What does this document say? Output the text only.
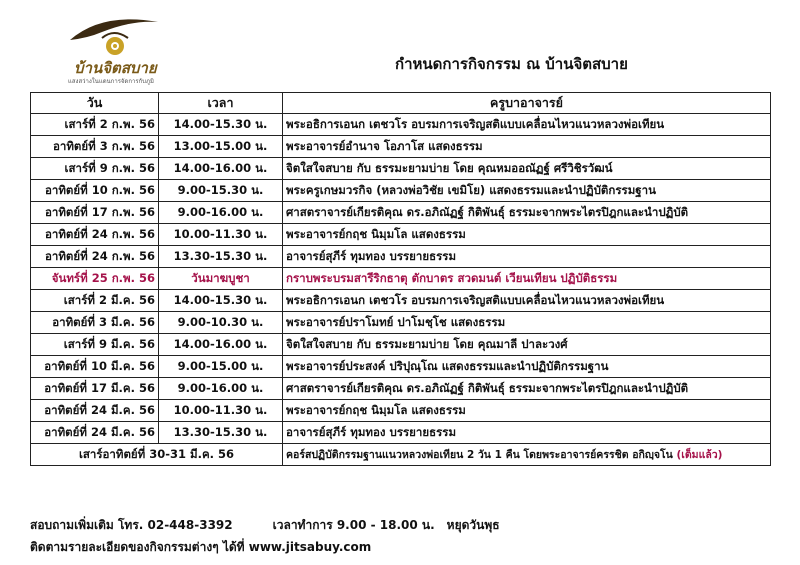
บ้านจิตสบาย
แสงสว่างในแดนการจัดการกับภูมิ
กำหนดการกิจกรรม ณ บ้านจิตสบาย
วัน	เวลา	ครูบาอาจารย์
เสาร์ที่ 2 ก.พ. 56	14.00-15.30 น.	พระอธิการเอนก เตชวโร อบรมการเจริญสติแบบเคลื่อนไหวแนวหลวงพ่อเทียน
อาทิตย์ที่ 3 ก.พ. 56	13.00-15.00 น.	พระอาจารย์อำนาจ โอภาโส แสดงธรรม
เสาร์ที่ 9 ก.พ. 56	14.00-16.00 น.	จิตใสใจสบาย กับ ธรรมะยามบ่าย โดย คุณหมออณัฏฐ์ ศรีวิชิรวัฒน์
อาทิตย์ที่ 10 ก.พ. 56	9.00-15.30 น.	พระครูเกษมวรกิจ (หลวงพ่อวิชัย เขมิโย) แสดงธรรมและนำปฏิบัติกรรมฐาน
อาทิตย์ที่ 17 ก.พ. 56	9.00-16.00 น.	ศาสตราจารย์เกียรติคุณ ดร.อภิณัฏฐ์ กิติพันธุ์ ธรรมะจากพระไตรปิฎกและนำปฏิบัติ
อาทิตย์ที่ 24 ก.พ. 56	10.00-11.30 น.	พระอาจารย์กฤช นิมฺมโล แสดงธรรม
อาทิตย์ที่ 24 ก.พ. 56	13.30-15.30 น.	อาจารย์สุภีร์ ทุมทอง บรรยายธรรม
จันทร์ที่ 25 ก.พ. 56	วันมาฆบูชา	กราบพระบรมสารีริกธาตุ ตักบาตร สวดมนต์ เวียนเทียน ปฏิบัติธรรม
เสาร์ที่ 2 มี.ค. 56	14.00-15.30 น.	พระอธิการเอนก เตชวโร อบรมการเจริญสติแบบเคลื่อนไหวแนวหลวงพ่อเทียน
อาทิตย์ที่ 3 มี.ค. 56	9.00-10.30 น.	พระอาจารย์ปราโมทย์ ปาโมชฺโช แสดงธรรม
เสาร์ที่ 9 มี.ค. 56	14.00-16.00 น.	จิตใสใจสบาย กับ ธรรมะยามบ่าย โดย คุณมาลี ปาละวงศ์
อาทิตย์ที่ 10 มี.ค. 56	9.00-15.00 น.	พระอาจารย์ประสงค์ ปริปุณฺโณ แสดงธรรมและนำปฏิบัติกรรมฐาน
อาทิตย์ที่ 17 มี.ค. 56	9.00-16.00 น.	ศาสตราจารย์เกียรติคุณ ดร.อภิณัฏฐ์ กิติพันธุ์ ธรรมะจากพระไตรปิฎกและนำปฏิบัติ
อาทิตย์ที่ 24 มี.ค. 56	10.00-11.30 น.	พระอาจารย์กฤช นิมฺมโล แสดงธรรม
อาทิตย์ที่ 24 มี.ค. 56	13.30-15.30 น.	อาจารย์สุภีร์ ทุมทอง บรรยายธรรม
เสาร์อาทิตย์ที่ 30-31 มี.ค. 56		คอร์สปฏิบัติกรรมฐานแนวหลวงพ่อเทียน 2 วัน 1 คืน โดยพระอาจารย์ครรชิต อกิญฺจโน (เต็มแล้ว)
สอบถามเพิ่มเติม โทร. 02-448-3392	เวลาทำการ 9.00 - 18.00 น. หยุดวันพุธ
ติดตามรายละเอียดของกิจกรรมต่างๆ ได้ที่ www.jitsabuy.com
